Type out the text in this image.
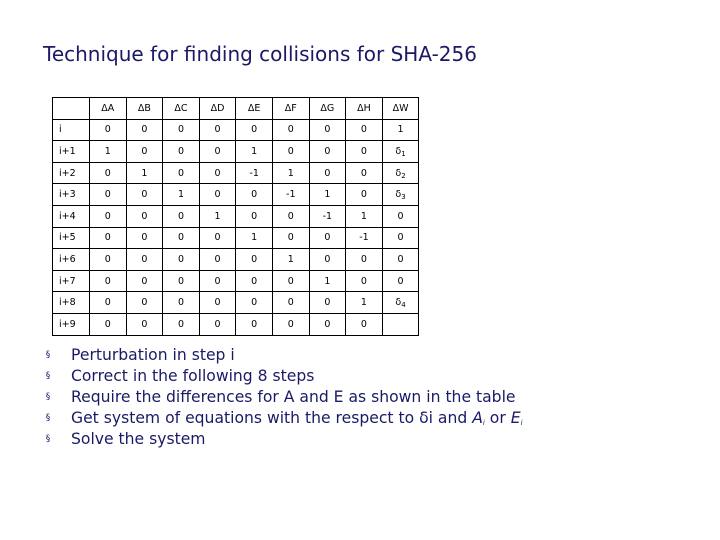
Technique for finding collisions for SHA-256
	ΔA	ΔB	ΔC	ΔD	ΔE	ΔF	ΔG	ΔH	ΔW
i	0	0	0	0	0	0	0	0	1
i+1	1	0	0	0	1	0	0	0	$\delta_1$
i+2	0	1	0	0	-1	1	0	0	$\delta_2$
i+3	0	0	1	0	0	-1	1	0	$\delta_3$
i+4	0	0	0	1	0	0	-1	1	0
i+5	0	0	0	0	1	0	0	-1	0
i+6	0	0	0	0	0	1	0	0	0
i+7	0	0	0	0	0	0	1	0	0
i+8	0	0	0	0	0	0	0	1	$\delta_4$
i+9	0	0	0	0	0	0	0	0	
§
Perturbation in step i
§
Correct in the following 8 steps
§
Require the differences for A and E as shown in the table
§
Get system of equations with the respect to δi and $A_i$ or $E_i$
§
Solve the system
